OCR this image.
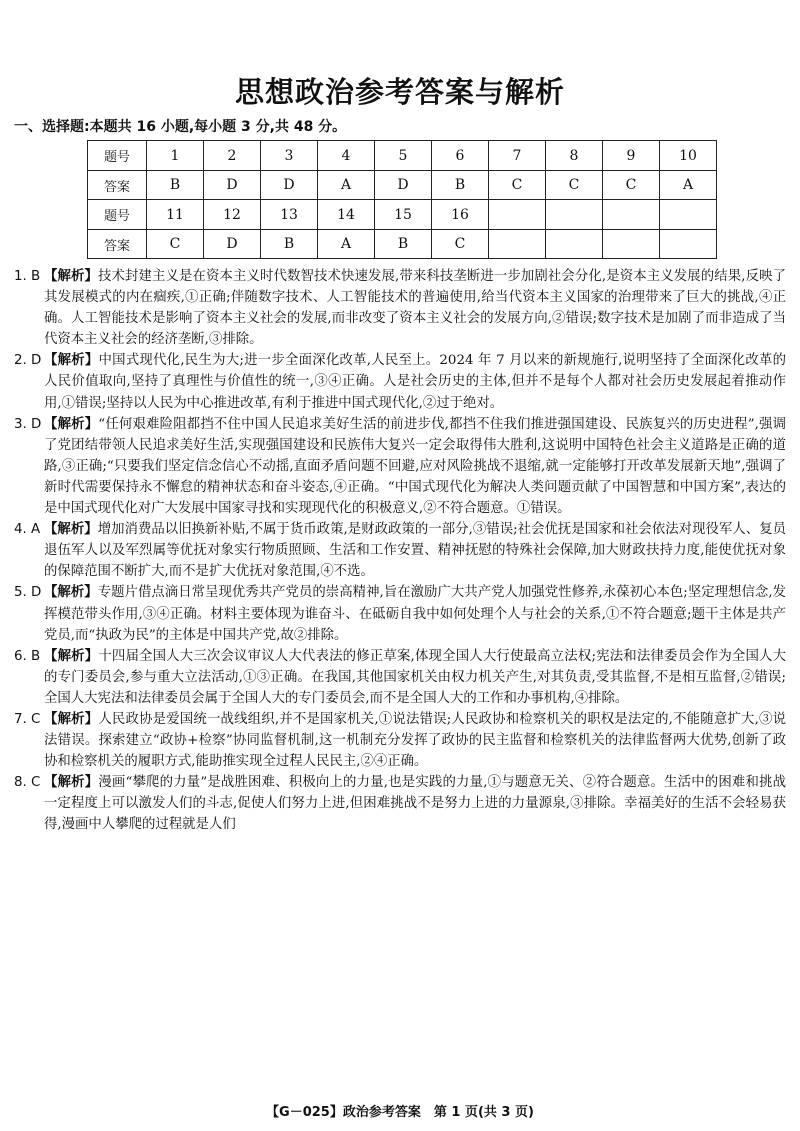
思想政治参考答案与解析
一、选择题:本题共 16 小题,每小题 3 分,共 48 分。
题号	1	2	3	4	5	6	7	8	9	10
答案	B	D	D	A	D	B	C	C	C	A
题号	11	12	13	14	15	16				
答案	C	D	B	A	B	C				

1. B 【解析】技术封建主义是在资本主义时代数智技术快速发展,带来科技垄断进一步加剧社会分化,是资本主义发展的结果,反映了其发展模式的内在痼疾,①正确;伴随数字技术、人工智能技术的普遍使用,给当代资本主义国家的治理带来了巨大的挑战,④正确。人工智能技术是影响了资本主义社会的发展,而非改变了资本主义社会的发展方向,②错误;数字技术是加剧了而非造成了当代资本主义社会的经济垄断,③排除。

2. D 【解析】中国式现代化,民生为大;进一步全面深化改革,人民至上。2024 年 7 月以来的新规施行,说明坚持了全面深化改革的人民价值取向,坚持了真理性与价值性的统一,③④正确。人是社会历史的主体,但并不是每个人都对社会历史发展起着推动作用,①错误;坚持以人民为中心推进改革,有利于推进中国式现代化,②过于绝对。

3. D 【解析】“任何艰难险阻都挡不住中国人民追求美好生活的前进步伐,都挡不住我们推进强国建设、民族复兴的历史进程”,强调了党团结带领人民追求美好生活,实现强国建设和民族伟大复兴一定会取得伟大胜利,这说明中国特色社会主义道路是正确的道路,③正确;“只要我们坚定信念信心不动摇,直面矛盾问题不回避,应对风险挑战不退缩,就一定能够打开改革发展新天地”,强调了新时代需要保持永不懈怠的精神状态和奋斗姿态,④正确。“中国式现代化为解决人类问题贡献了中国智慧和中国方案”,表达的是中国式现代化对广大发展中国家寻找和实现现代化的积极意义,②不符合题意。①错误。

4. A 【解析】增加消费品以旧换新补贴,不属于货币政策,是财政政策的一部分,③错误;社会优抚是国家和社会依法对现役军人、复员退伍军人以及军烈属等优抚对象实行物质照顾、生活和工作安置、精神抚慰的特殊社会保障,加大财政扶持力度,能使优抚对象的保障范围不断扩大,而不是扩大优抚对象范围,④不选。

5. D 【解析】专题片借点滴日常呈现优秀共产党员的崇高精神,旨在激励广大共产党人加强党性修养,永葆初心本色;坚定理想信念,发挥模范带头作用,③④正确。材料主要体现为谁奋斗、在砥砺自我中如何处理个人与社会的关系,①不符合题意;题干主体是共产党员,而“执政为民”的主体是中国共产党,故②排除。

6. B 【解析】十四届全国人大三次会议审议人大代表法的修正草案,体现全国人大行使最高立法权;宪法和法律委员会作为全国人大的专门委员会,参与重大立法活动,①③正确。在我国,其他国家机关由权力机关产生,对其负责,受其监督,不是相互监督,②错误;全国人大宪法和法律委员会属于全国人大的专门委员会,而不是全国人大的工作和办事机构,④排除。

7. C 【解析】人民政协是爱国统一战线组织,并不是国家机关,①说法错误;人民政协和检察机关的职权是法定的,不能随意扩大,③说法错误。探索建立“政协+检察”协同监督机制,这一机制充分发挥了政协的民主监督和检察机关的法律监督两大优势,创新了政协和检察机关的履职方式,能助推实现全过程人民民主,②④正确。

8. C 【解析】漫画“攀爬的力量”是战胜困难、积极向上的力量,也是实践的力量,①与题意无关、②符合题意。生活中的困难和挑战一定程度上可以激发人们的斗志,促使人们努力上进,但困难挑战不是努力上进的力量源泉,③排除。幸福美好的生活不会轻易获得,漫画中人攀爬的过程就是人们

【G－025】政治参考答案　第 1 页(共 3 页)
